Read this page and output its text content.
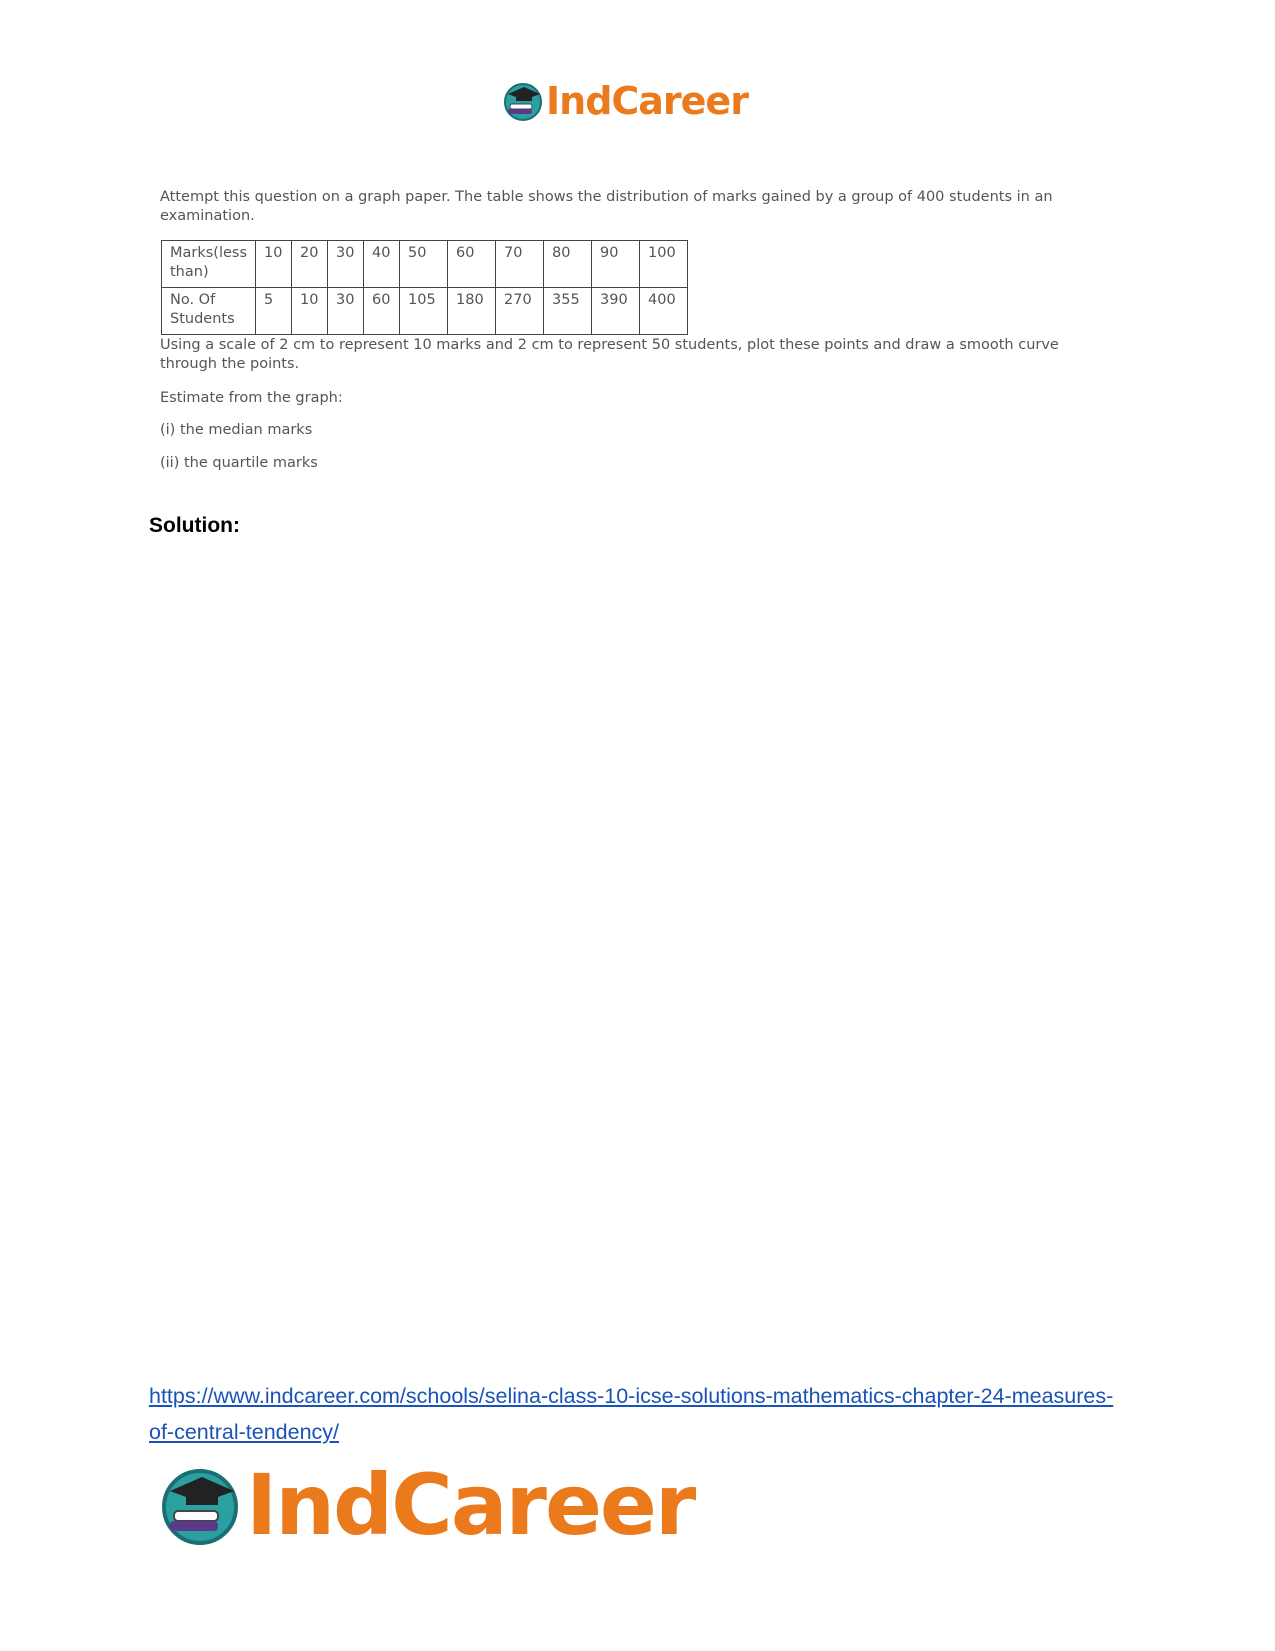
IndCareer
Attempt this question on a graph paper. The table shows the distribution of marks gained by a group of 400 students in an examination.
Marks(less than)	10	20	30	40	50	60	70	80	90	100
No. Of Students	5	10	30	60	105	180	270	355	390	400
Using a scale of 2 cm to represent 10 marks and 2 cm to represent 50 students, plot these points and draw a smooth curve through the points.
Estimate from the graph:
(i) the median marks
(ii) the quartile marks
Solution:
https://www.indcareer.com/schools/selina-class-10-icse-solutions-mathematics-chapter-24-measures-of-central-tendency/
IndCareer
